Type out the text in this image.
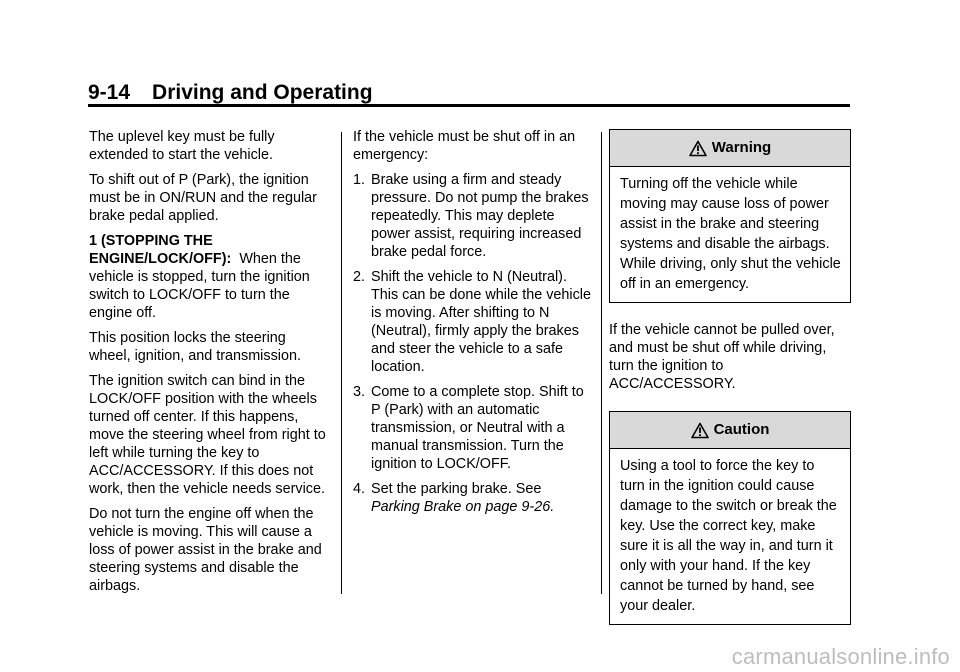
9-14 Driving and Operating

The uplevel key must be fully extended to start the vehicle.

To shift out of P (Park), the ignition must be in ON/RUN and the regular brake pedal applied.

1 (STOPPING THE ENGINE/LOCK/OFF): When the vehicle is stopped, turn the ignition switch to LOCK/OFF to turn the engine off.

This position locks the steering wheel, ignition, and transmission.

The ignition switch can bind in the LOCK/OFF position with the wheels turned off center. If this happens, move the steering wheel from right to left while turning the key to ACC/ACCESSORY. If this does not work, then the vehicle needs service.

Do not turn the engine off when the vehicle is moving. This will cause a loss of power assist in the brake and steering systems and disable the airbags.

If the vehicle must be shut off in an emergency:

1. Brake using a firm and steady pressure. Do not pump the brakes repeatedly. This may deplete power assist, requiring increased brake pedal force.
2. Shift the vehicle to N (Neutral). This can be done while the vehicle is moving. After shifting to N (Neutral), firmly apply the brakes and steer the vehicle to a safe location.
3. Come to a complete stop. Shift to P (Park) with an automatic transmission, or Neutral with a manual transmission. Turn the ignition to LOCK/OFF.
4. Set the parking brake. See
Parking Brake on page 9-26.
Warning
Turning off the vehicle while moving may cause loss of power assist in the brake and steering systems and disable the airbags. While driving, only shut the vehicle off in an emergency.

If the vehicle cannot be pulled over, and must be shut off while driving, turn the ignition to ACC/ACCESSORY.

Caution
Using a tool to force the key to turn in the ignition could cause damage to the switch or break the key. Use the correct key, make sure it is all the way in, and turn it only with your hand. If the key cannot be turned by hand, see your dealer.
carmanualsonline.info
